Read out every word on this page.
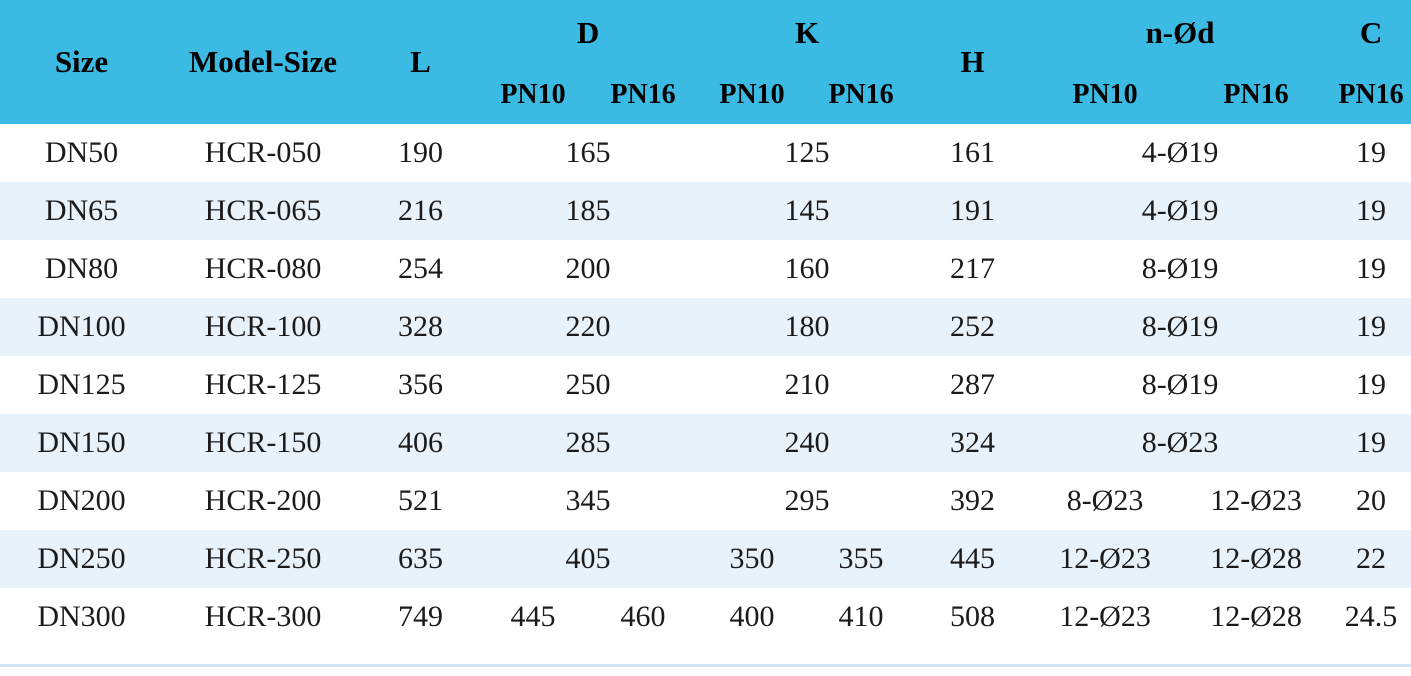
Size	Model-Size	L	D		K		H	n-Ød		C
			PN10	PN16	PN10	PN16		PN10	PN16	PN16
DN50	HCR-050	190	165		125		161	4-Ø19		19
DN65	HCR-065	216	185		145		191	4-Ø19		19
DN80	HCR-080	254	200		160		217	8-Ø19		19
DN100	HCR-100	328	220		180		252	8-Ø19		19
DN125	HCR-125	356	250		210		287	8-Ø19		19
DN150	HCR-150	406	285		240		324	8-Ø23		19
DN200	HCR-200	521	345		295		392	8-Ø23	12-Ø23	20
DN250	HCR-250	635	405		350	355	445	12-Ø23	12-Ø28	22
DN300	HCR-300	749	445	460	400	410	508	12-Ø23	12-Ø28	24.5
